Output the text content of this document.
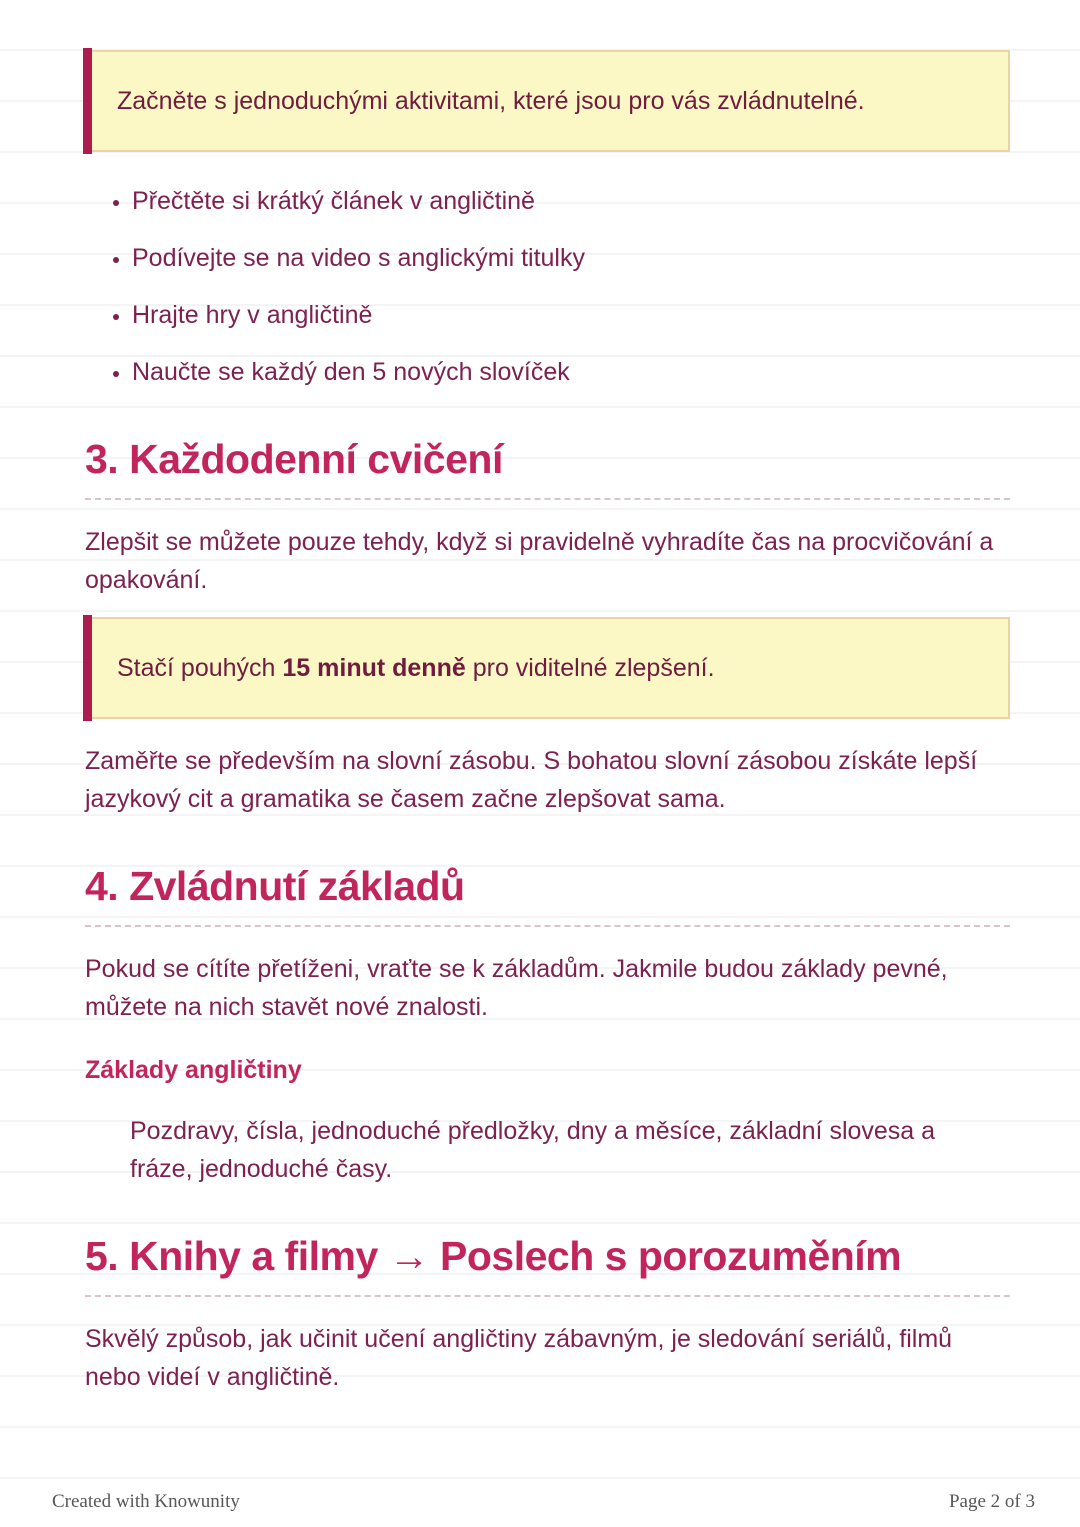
Začněte s jednoduchými aktivitami, které jsou pro vás zvládnutelné.
• Přečtěte si krátký článek v angličtině
• Podívejte se na video s anglickými titulky
• Hrajte hry v angličtině
• Naučte se každý den 5 nových slovíček
3. Každodenní cvičení

Zlepšit se můžete pouze tehdy, když si pravidelně vyhradíte čas na procvičování a opakování.

Stačí pouhých 15 minut denně pro viditelné zlepšení.

Zaměřte se především na slovní zásobu. S bohatou slovní zásobou získáte lepší jazykový cit a gramatika se časem začne zlepšovat sama.

4. Zvládnutí základů

Pokud se cítíte přetíženi, vraťte se k základům. Jakmile budou základy pevné, můžete na nich stavět nové znalosti.

Základy angličtiny

Pozdravy, čísla, jednoduché předložky, dny a měsíce, základní slovesa a fráze, jednoduché časy.

5. Knihy a filmy → Poslech s porozuměním

Skvělý způsob, jak učinit učení angličtiny zábavným, je sledování seriálů, filmů nebo videí v angličtině.

Created with Knowunity	Page 2 of 3
